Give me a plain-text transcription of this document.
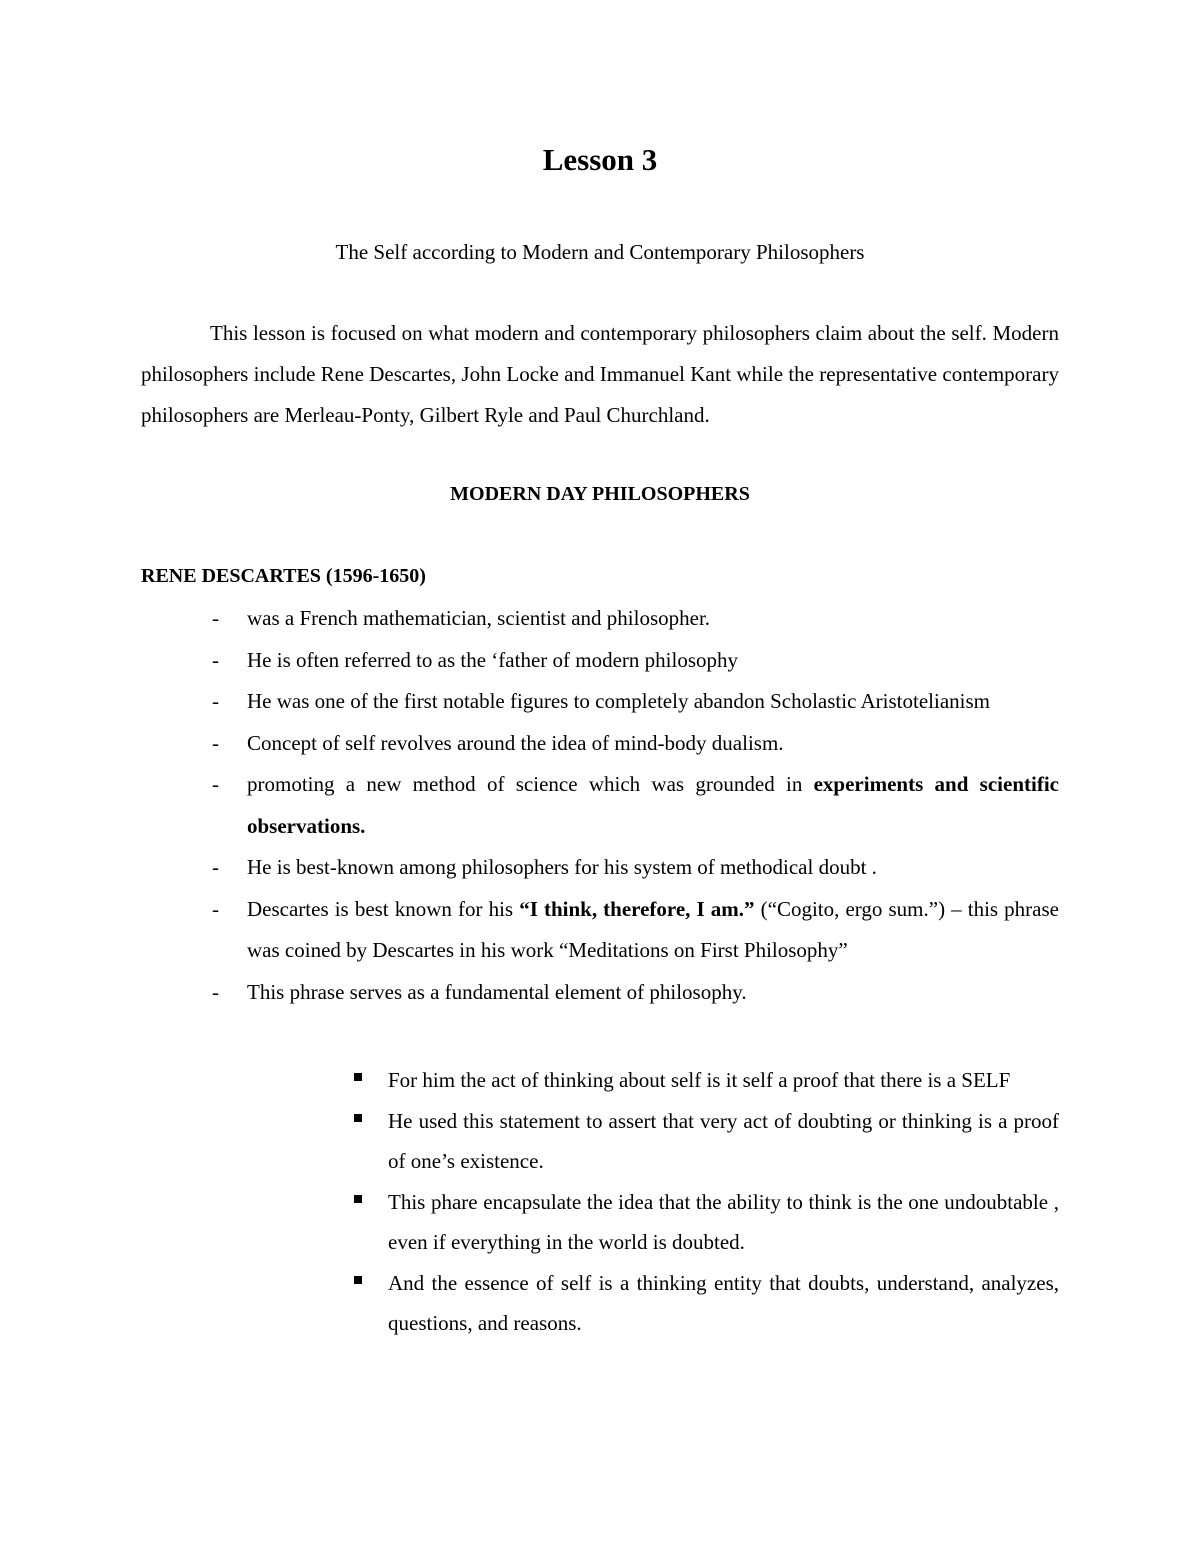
Lesson 3

The Self according to Modern and Contemporary Philosophers

This lesson is focused on what modern and contemporary philosophers claim about the self. Modern philosophers include Rene Descartes, John Locke and Immanuel Kant while the representative contemporary philosophers are Merleau-Ponty, Gilbert Ryle and Paul Churchland.

MODERN DAY PHILOSOPHERS
RENE DESCARTES (1596-1650)
- was a French mathematician, scientist and philosopher.
- He is often referred to as the ‘father of modern philosophy
- He was one of the first notable figures to completely abandon Scholastic Aristotelianism
- Concept of self revolves around the idea of mind-body dualism.
- promoting a new method of science which was grounded in experiments and scientific observations.
- He is best-known among philosophers for his system of methodical doubt .
- Descartes is best known for his “I think, therefore, I am.” (“Cogito, ergo sum.”) – this phrase was coined by Descartes in his work “Meditations on First Philosophy”
- This phrase serves as a fundamental element of philosophy.
For him the act of thinking about self is it self a proof that there is a SELF
He used this statement to assert that very act of doubting or thinking is a proof of one’s existence.
This phare encapsulate the idea that the ability to think is the one undoubtable , even if everything in the world is doubted.
And the essence of self is a thinking entity that doubts, understand, analyzes, questions, and reasons.
